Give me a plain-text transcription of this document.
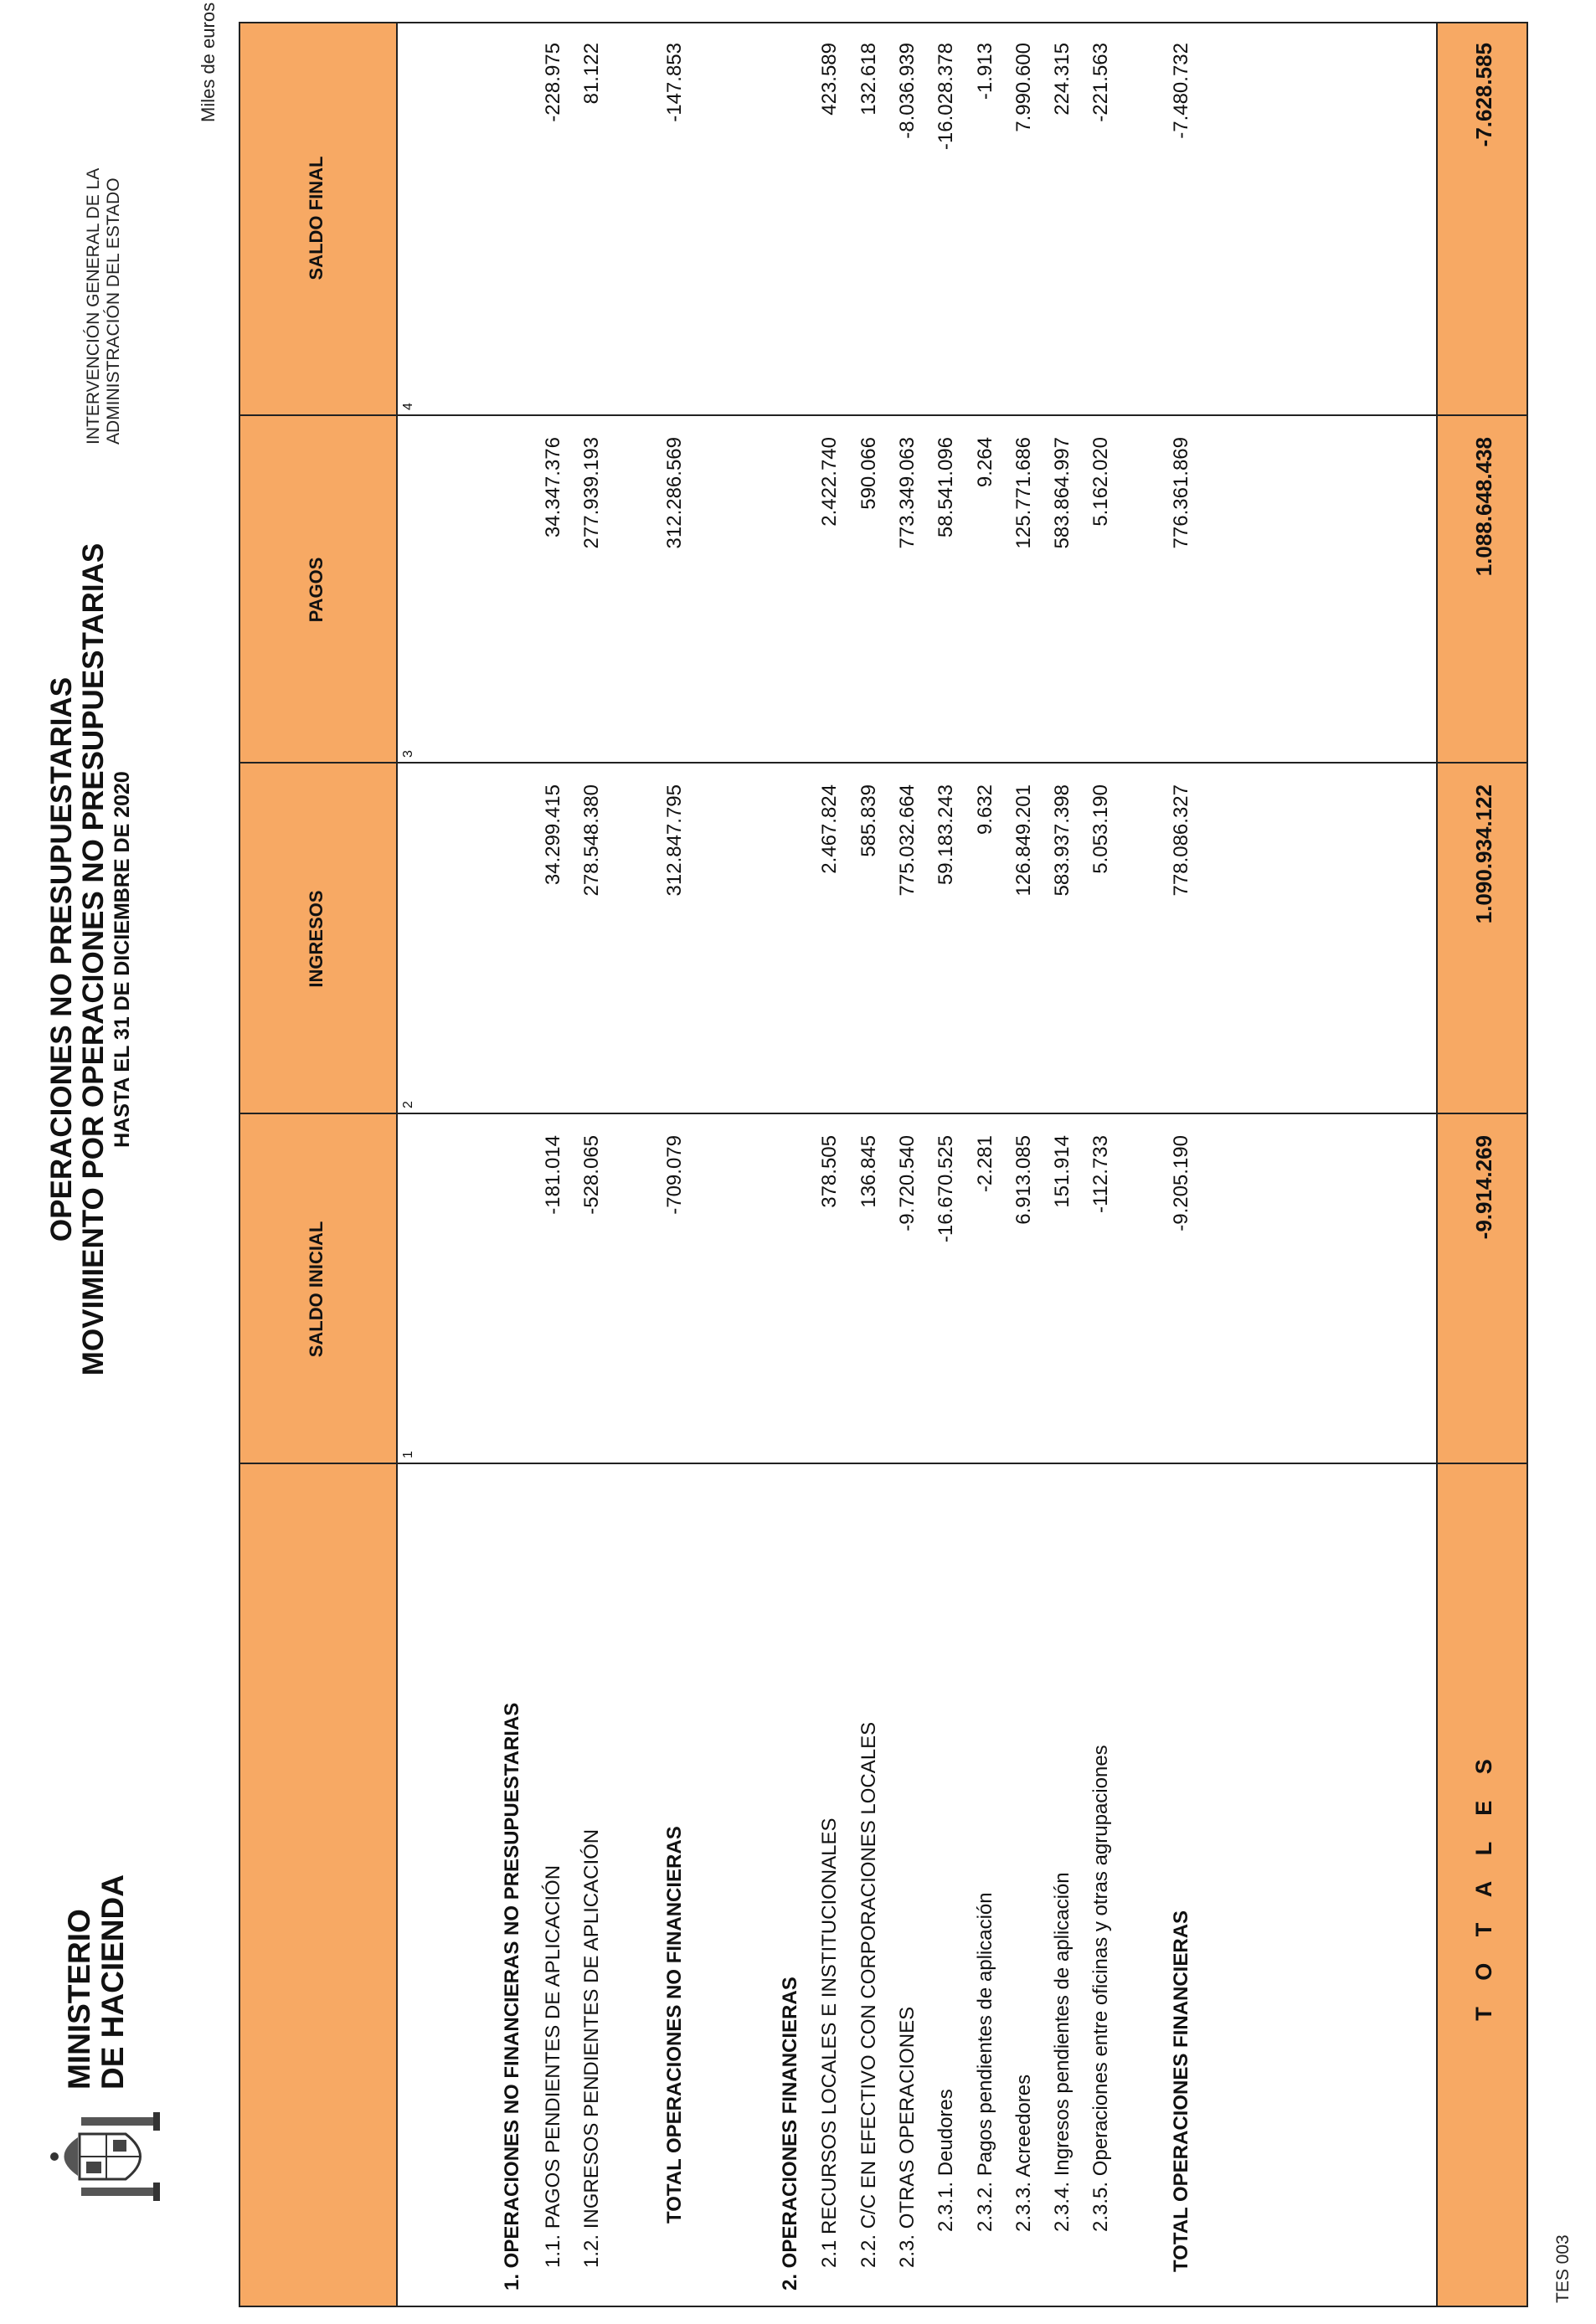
MINISTERIO DE HACIENDA
OPERACIONES NO PRESUPUESTARIAS MOVIMIENTO POR OPERACIONES NO PRESUPUESTARIAS HASTA EL 31 DE DICIEMBRE DE 2020
INTERVENCIÓN GENERAL DE LA ADMINISTRACIÓN DEL ESTADO
Miles de euros
SALDO INICIAL
INGRESOS
PAGOS
SALDO FINAL
1
2
3
4
1. OPERACIONES NO FINANCIERAS NO PRESUPUESTARIAS 1.1. PAGOS PENDIENTES DE APLICACIÓN
-181.014
34.299.415
34.347.376
-228.975
1.2. INGRESOS PENDIENTES DE APLICACIÓN
-528.065
278.548.380
277.939.193
81.122
TOTAL OPERACIONES NO FINANCIERAS
-709.079
312.847.795
312.286.569
-147.853
2. OPERACIONES FINANCIERAS 2.1 RECURSOS LOCALES E INSTITUCIONALES
378.505
2.467.824
2.422.740
423.589
2.2. C/C EN EFECTIVO CON CORPORACIONES LOCALES
136.845
585.839
590.066
132.618
2.3. OTRAS OPERACIONES
-9.720.540
775.032.664
773.349.063
-8.036.939
2.3.1. Deudores
-16.670.525
59.183.243
58.541.096
-16.028.378
2.3.2. Pagos pendientes de aplicación
-2.281
9.632
9.264
-1.913
2.3.3. Acreedores
6.913.085
126.849.201
125.771.686
7.990.600
2.3.4. Ingresos pendientes de aplicación
151.914
583.937.398
583.864.997
224.315
2.3.5. Operaciones entre oficinas y otras agrupaciones
-112.733
5.053.190
5.162.020
-221.563
TOTAL OPERACIONES FINANCIERAS
-9.205.190
778.086.327
776.361.869
-7.480.732
T O T A L E S
-9.914.269
1.090.934.122
1.088.648.438
-7.628.585
TES 003
